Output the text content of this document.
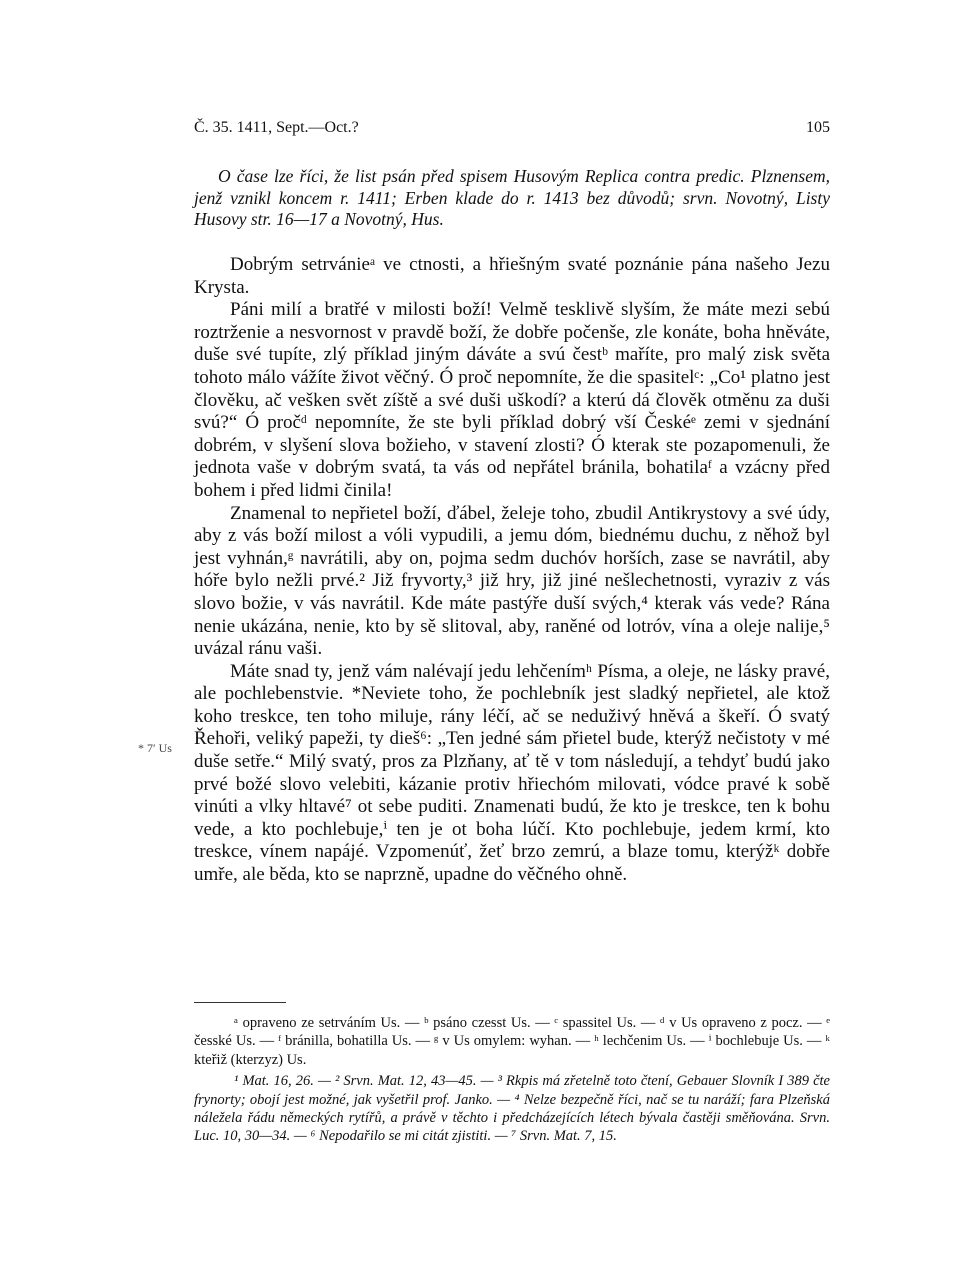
Č. 35. 1411, Sept.—Oct.?	105
O čase lze říci, že list psán před spisem Husovým Replica contra predic. Plznensem, jenž vznikl koncem r. 1411; Erben klade do r. 1413 bez důvodů; srvn. Novotný, Listy Husovy str. 16—17 a Novotný, Hus.

Dobrým setrvánieᵃ ve ctnosti, a hřiešným svaté poznánie pána našeho Jezu Krysta.

Páni milí a bratřé v milosti boží! Velmě tesklivě slyším, že máte mezi sebú roztrženie a nesvornost v pravdě boží, že dobře počenše, zle konáte, boha hněváte, duše své tupíte, zlý příklad jiným dáváte a svú čestᵇ maříte, pro malý zisk světa tohoto málo vážíte život věčný. Ó proč nepomníte, že die spasitelᶜ: „Co¹ platno jest člověku, ač vešken svět zíště a své duši uškodí? a kterú dá člověk otměnu za duši svú?“ Ó pročᵈ nepomníte, že ste byli příklad dobrý vší Českéᵉ zemi v sjednání dobrém, v slyšení slova božieho, v stavení zlosti? Ó kterak ste pozapomenuli, že jednota vaše v dobrým svatá, ta vás od nepřátel bránila, bohatilaᶠ a vzácny před bohem i před lidmi činila!

Znamenal to nepřietel boží, ďábel, želeje toho, zbudil Antikrystovy a své údy, aby z vás boží milost a vóli vypudili, a jemu dóm, biednému duchu, z něhož byl jest vyhnán,ᵍ navrátili, aby on, pojma sedm duchóv horších, zase se navrátil, aby hóře bylo nežli prvé.² Již fryvorty,³ již hry, již jiné nešlechetnosti, vyraziv z vás slovo božie, v vás navrátil. Kde máte pastýře duší svých,⁴ kterak vás vede? Rána nenie ukázána, nenie, kto by sě slitoval, aby, raněné od lotróv, vína a oleje nalije,⁵ uvázal ránu vaši.

Máte snad ty, jenž vám nalévají jedu lehčenímʰ Písma, a oleje, ne lásky pravé, ale pochlebenstvie. *Neviete toho, že pochlebník jest sladký nepřietel, ale ktož koho treskce, ten toho miluje, rány léčí, ač se neduživý hněvá a škeří. Ó svatý Řehoři, veliký papeži, ty dieš⁶: „Ten jedné sám přietel bude, kterýž nečistoty v mé duše setře.“ Milý svatý, pros za Plzňany, ať tě v tom následují, a tehdyť budú jako prvé božé slovo velebiti, kázanie protiv hřiechóm milovati, vódce pravé k sobě vinúti a vlky hltavé⁷ ot sebe puditi. Znamenati budú, že kto je treskce, ten k bohu vede, a kto pochlebuje,ⁱ ten je ot boha lúčí. Kto pochlebuje, jedem krmí, kto treskce, vínem napájé. Vzpomenúť, žeť brzo zemrú, a blaze tomu, kterýžᵏ dobře umře, ale běda, kto se naprzně, upadne do věčného ohně.

* 7′ Us

ᵃ opraveno ze setrváním Us. — ᵇ psáno czesst Us. — ᶜ spassitel Us. — ᵈ v Us opraveno z pocz. — ᵉ česské Us. — ᶠ bránilla, bohatilla Us. — ᵍ v Us omylem: wyhan. — ʰ lechčenim Us. — ⁱ bochlebuje Us. — ᵏ kteřiž (kterzyz) Us.

¹ Mat. 16, 26. — ² Srvn. Mat. 12, 43—45. — ³ Rkpis má zřetelně toto čtení, Gebauer Slovník I 389 čte frynorty; obojí jest možné, jak vyšetřil prof. Janko. — ⁴ Nelze bezpečně říci, nač se tu naráží; fara Plzeňská náležela řádu německých rytířů, a právě v těchto i předcházejících létech bývala častěji směňována. Srvn. Luc. 10, 30—34. — ⁶ Nepodařilo se mi citát zjistiti. — ⁷ Srvn. Mat. 7, 15.
